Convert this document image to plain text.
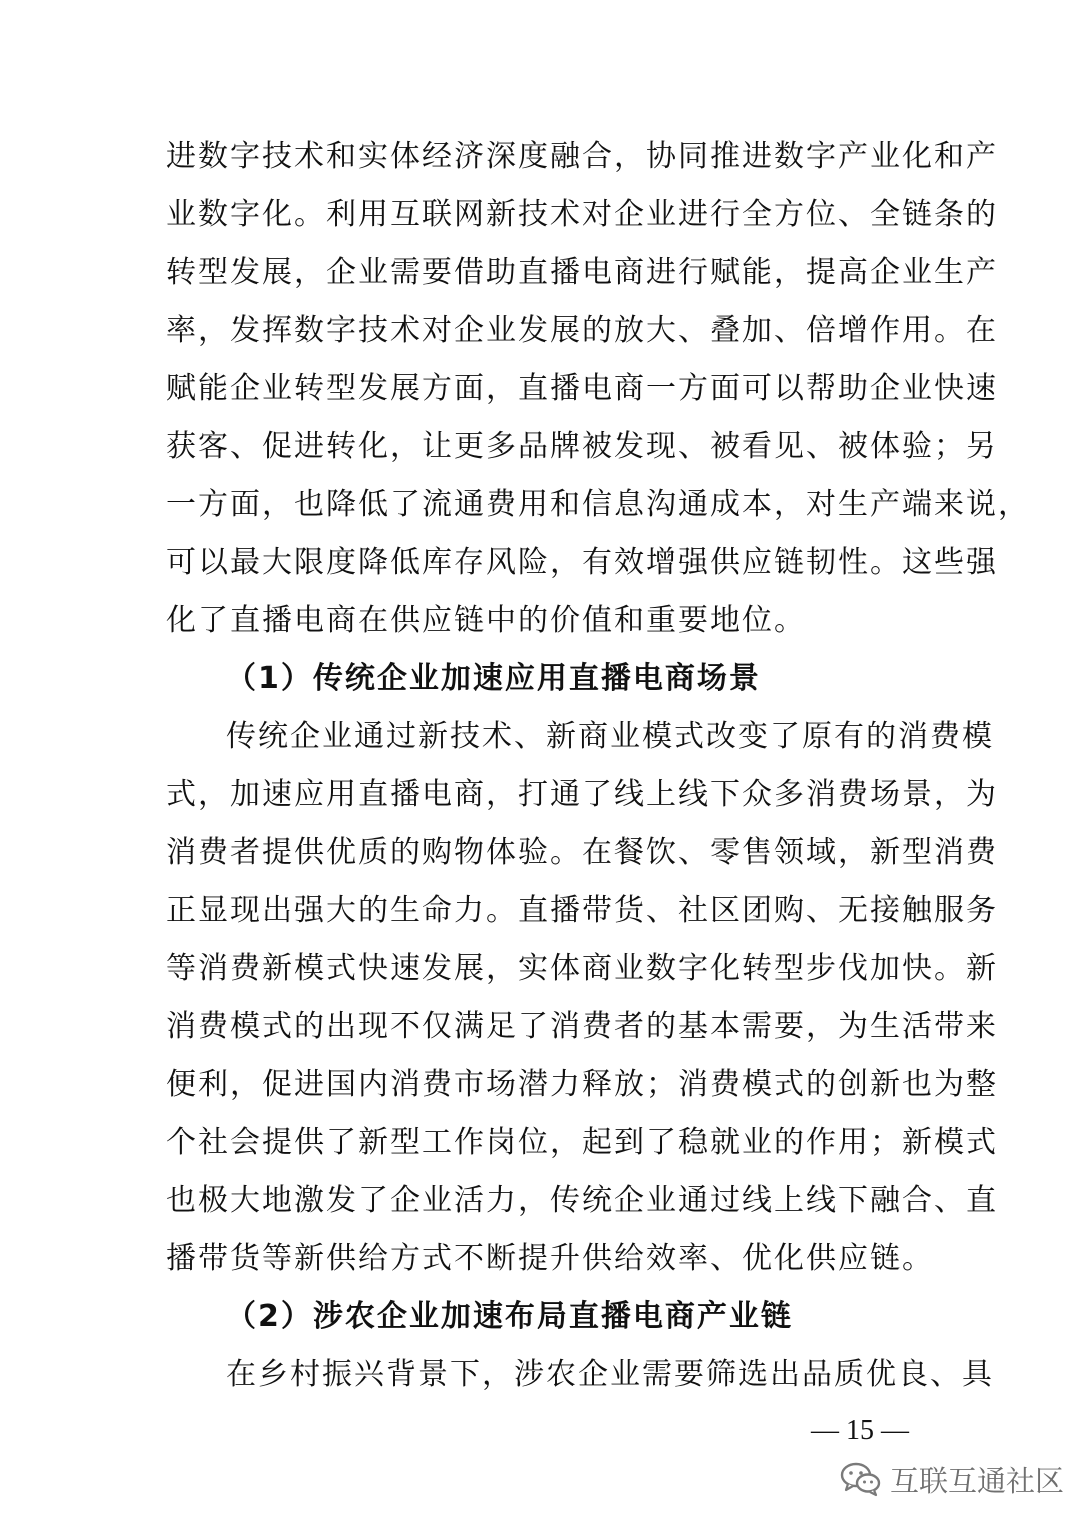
进数字技术和实体经济深度融合，协同推进数字产业化和产
业数字化。利用互联网新技术对企业进行全方位、全链条的
转型发展，企业需要借助直播电商进行赋能，提高企业生产
率，发挥数字技术对企业发展的放大、叠加、倍增作用。在
赋能企业转型发展方面，直播电商一方面可以帮助企业快速
获客、促进转化，让更多品牌被发现、被看见、被体验；另
一方面，也降低了流通费用和信息沟通成本，对生产端来说，
可以最大限度降低库存风险，有效增强供应链韧性。这些强
化了直播电商在供应链中的价值和重要地位。
（1）传统企业加速应用直播电商场景
传统企业通过新技术、新商业模式改变了原有的消费模
式，加速应用直播电商，打通了线上线下众多消费场景，为
消费者提供优质的购物体验。在餐饮、零售领域，新型消费
正显现出强大的生命力。直播带货、社区团购、无接触服务
等消费新模式快速发展，实体商业数字化转型步伐加快。新
消费模式的出现不仅满足了消费者的基本需要，为生活带来
便利，促进国内消费市场潜力释放；消费模式的创新也为整
个社会提供了新型工作岗位，起到了稳就业的作用；新模式
也极大地激发了企业活力，传统企业通过线上线下融合、直
播带货等新供给方式不断提升供给效率、优化供应链。
（2）涉农企业加速布局直播电商产业链
在乡村振兴背景下，涉农企业需要筛选出品质优良、具
— 15 —
互联互通社区
